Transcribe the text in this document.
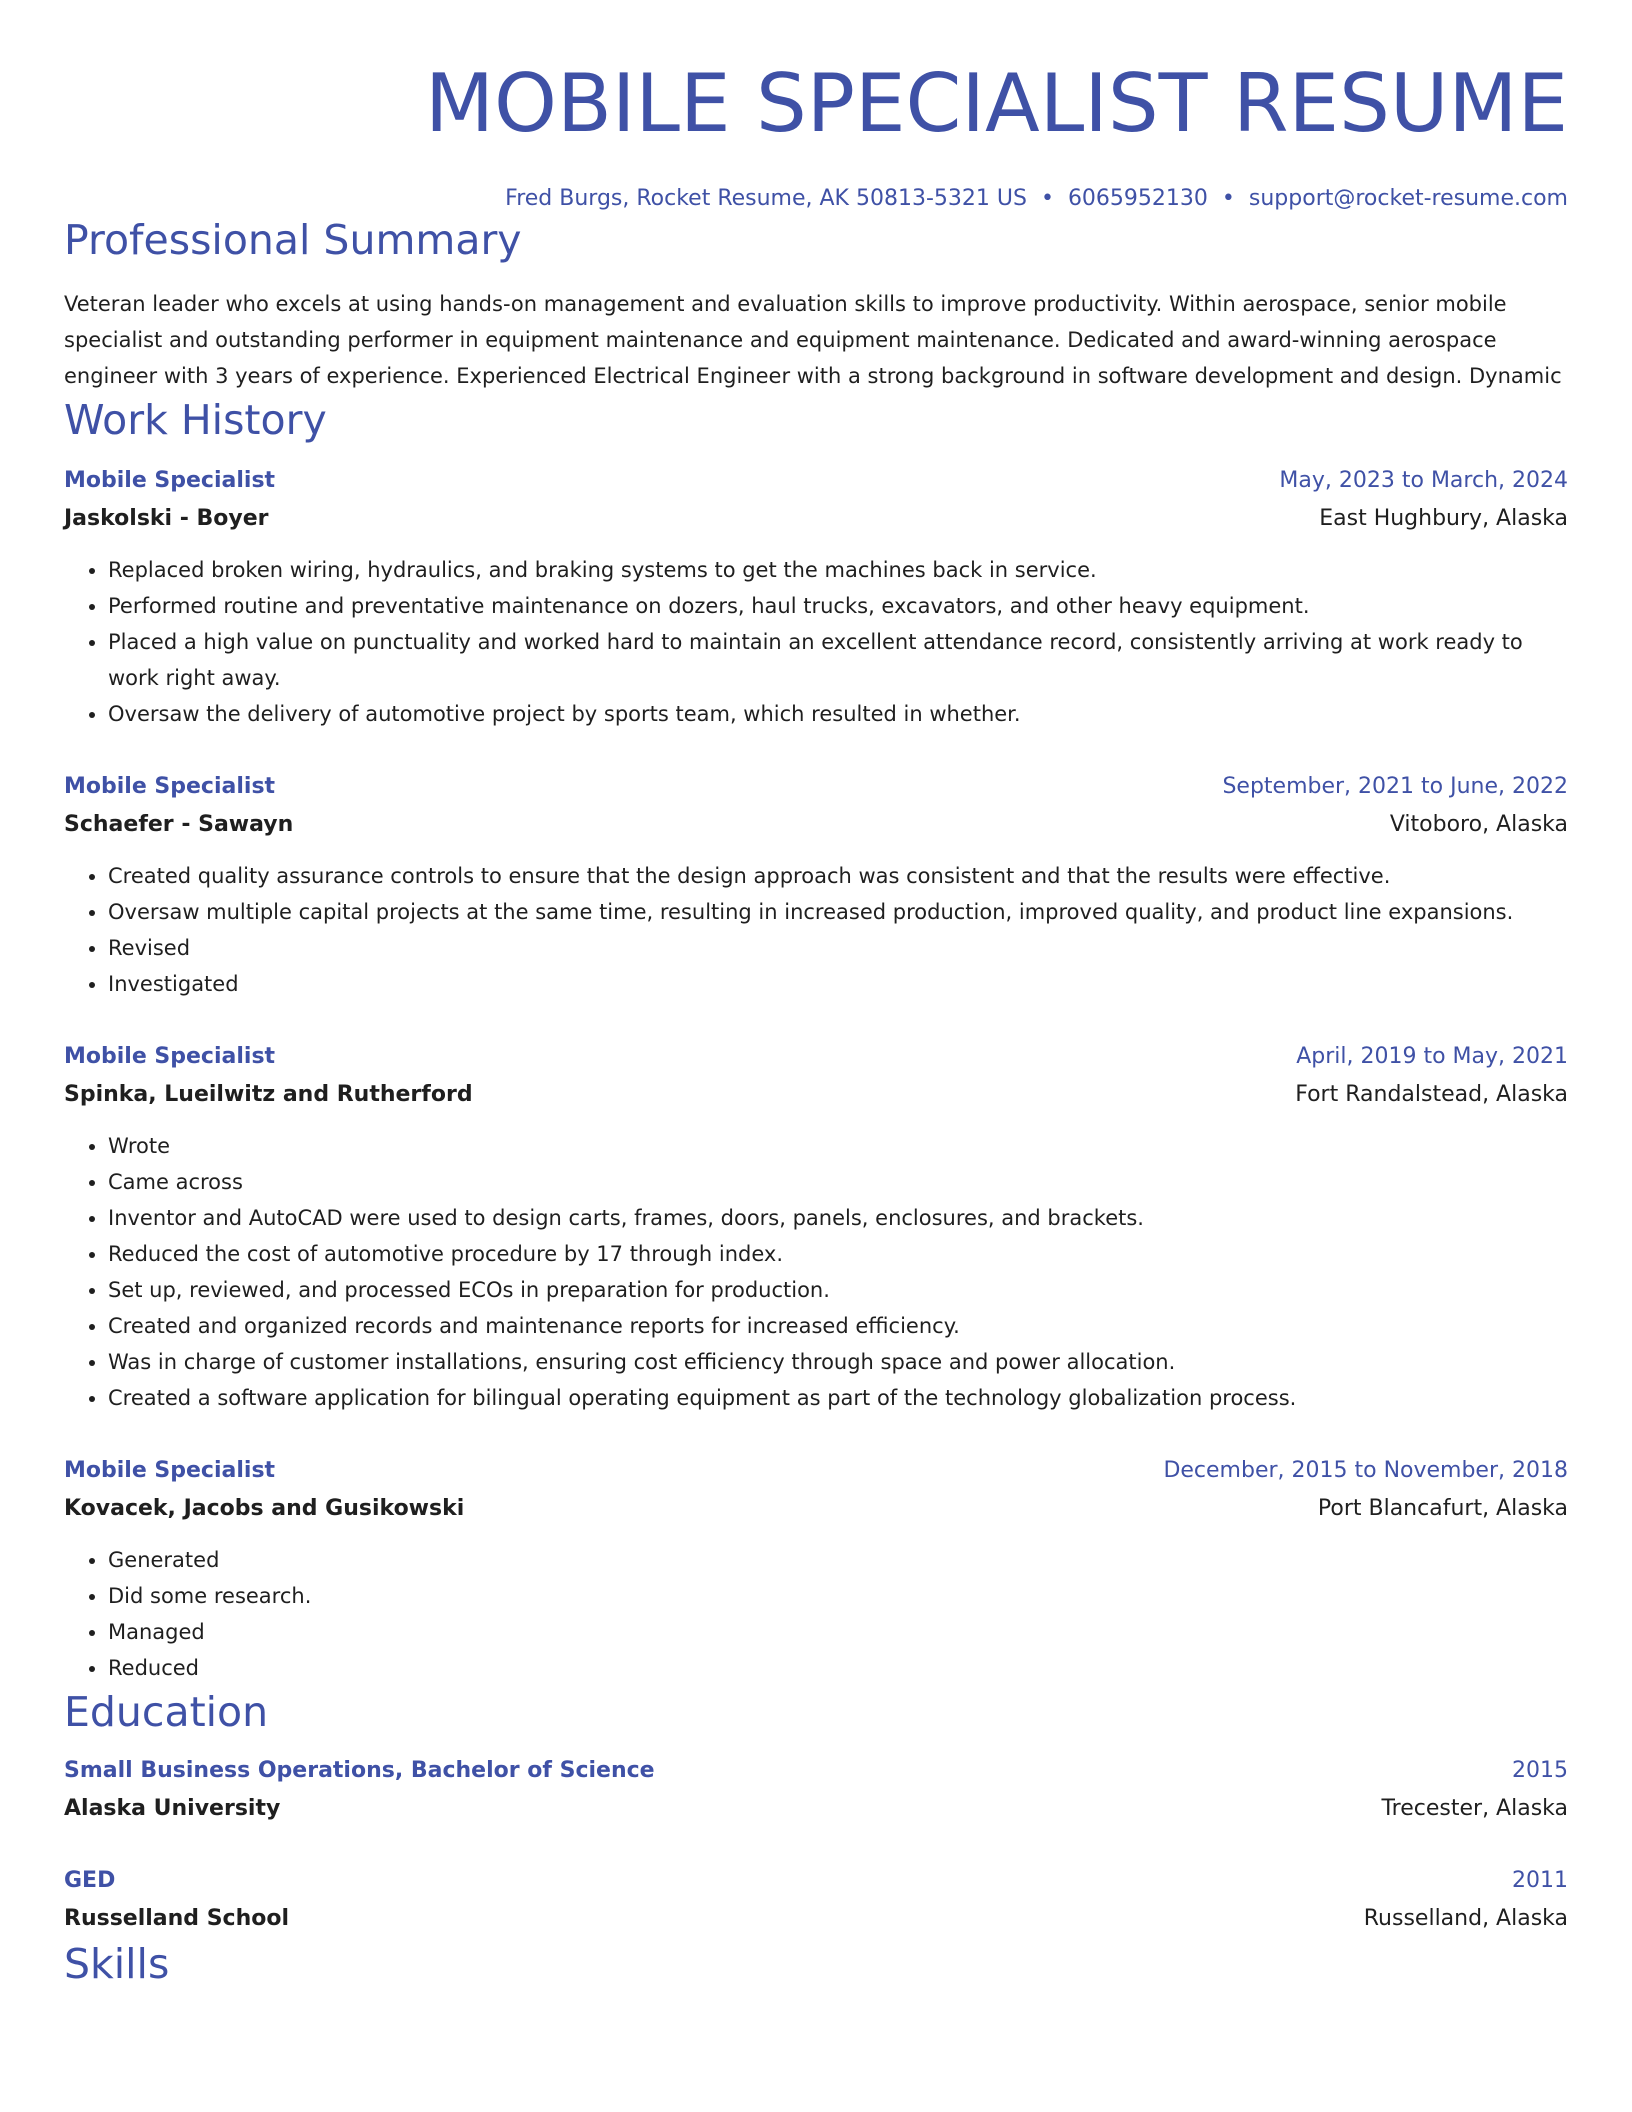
MOBILE SPECIALIST RESUME
Fred Burgs, Rocket Resume, AK 50813-5321 US • 6065952130 • support@rocket-resume.com
Professional Summary

Veteran leader who excels at using hands-on management and evaluation skills to improve productivity. Within aerospace, senior mobile specialist and outstanding performer in equipment maintenance and equipment maintenance. Dedicated and award-winning aerospace engineer with 3 years of experience. Experienced Electrical Engineer with a strong background in software development and design. Dynamic

Work History
Mobile Specialist	May, 2023 to March, 2024
Jaskolski - Boyer	East Hughbury, Alaska
• Replaced broken wiring, hydraulics, and braking systems to get the machines back in service.
• Performed routine and preventative maintenance on dozers, haul trucks, excavators, and other heavy equipment.
• Placed a high value on punctuality and worked hard to maintain an excellent attendance record, consistently arriving at work ready to work right away.
• Oversaw the delivery of automotive project by sports team, which resulted in whether.
Mobile Specialist	September, 2021 to June, 2022
Schaefer - Sawayn	Vitoboro, Alaska
• Created quality assurance controls to ensure that the design approach was consistent and that the results were effective.
• Oversaw multiple capital projects at the same time, resulting in increased production, improved quality, and product line expansions.
• Revised
• Investigated
Mobile Specialist	April, 2019 to May, 2021
Spinka, Lueilwitz and Rutherford	Fort Randalstead, Alaska
• Wrote
• Came across
• Inventor and AutoCAD were used to design carts, frames, doors, panels, enclosures, and brackets.
• Reduced the cost of automotive procedure by 17 through index.
• Set up, reviewed, and processed ECOs in preparation for production.
• Created and organized records and maintenance reports for increased efficiency.
• Was in charge of customer installations, ensuring cost efficiency through space and power allocation.
• Created a software application for bilingual operating equipment as part of the technology globalization process.
Mobile Specialist	December, 2015 to November, 2018
Kovacek, Jacobs and Gusikowski	Port Blancafurt, Alaska
• Generated
• Did some research.
• Managed
• Reduced
Education
Small Business Operations, Bachelor of Science	2015
Alaska University	Trecester, Alaska
GED	2011
Russelland School	Russelland, Alaska
Skills
